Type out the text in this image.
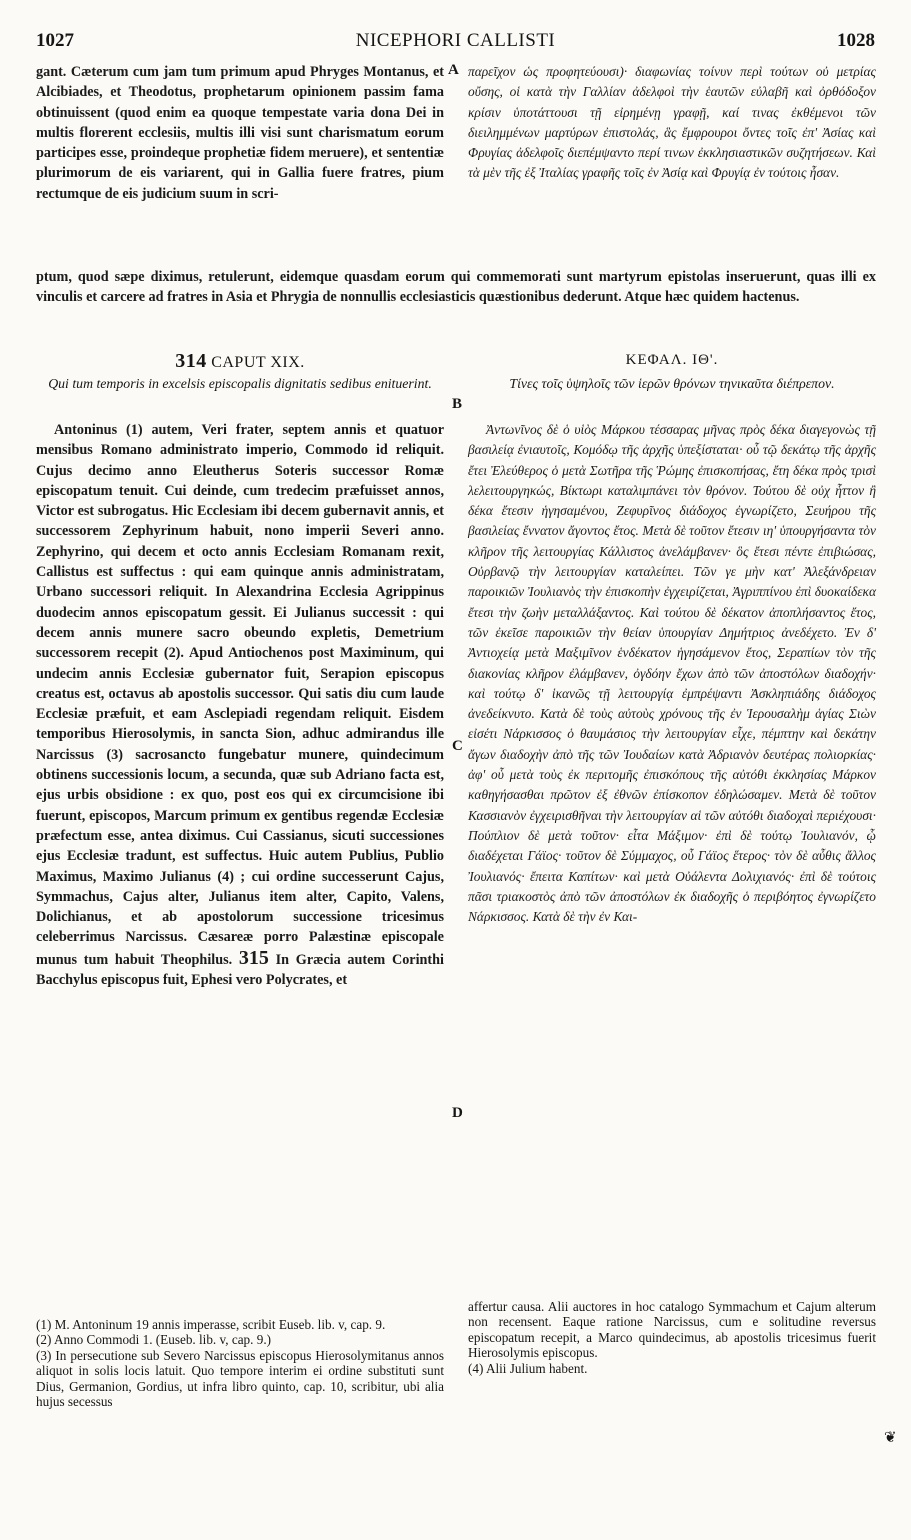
1027	NICEPHORI CALLISTI	1028

gant. Cæterum cum jam tum primum apud Phryges Montanus, et Alcibiades, et Theodotus, prophetarum opinionem passim fama obtinuissent (quod enim ea quoque tempestate varia dona Dei in multis florerent ecclesiis, multis illi visi sunt charismatum eorum participes esse, proindeque prophetiæ fidem meruere), et sententiæ plurimorum de eis variarent, qui in Gallia fuere fratres, pium rectumque de eis judicium suum in scri-

A παρεῖχον ὡς προφητεύουσι)· διαφωνίας τοίνυν περὶ τούτων οὐ μετρίας οὔσης, οἱ κατὰ τὴν Γαλλίαν ἀδελφοὶ τὴν ἑαυτῶν εὐλαβῆ καὶ ὀρθόδοξον κρίσιν ὑποτάττουσι τῇ εἰρημένῃ γραφῇ, καί τινας ἐκθέμενοι τῶν διειλημμένων μαρτύρων ἐπιστολάς, ἃς ἔμφρουροι ὄντες τοῖς ἐπ' Ἀσίας καὶ Φρυγίας ἀδελφοῖς διεπέμψαντο περί τινων ἐκκλησιαστικῶν συζητήσεων. Καὶ τὰ μὲν τῆς ἐξ Ἰταλίας γραφῆς τοῖς ἐν Ἀσίᾳ καὶ Φρυγίᾳ ἐν τούτοις ἦσαν.

ptum, quod sæpe diximus, retulerunt, eidemque quasdam eorum qui commemorati sunt martyrum epistolas inseruerunt, quas illi ex vinculis et carcere ad fratres in Asia et Phrygia de nonnullis ecclesiasticis quæstionibus dederunt. Atque hæc quidem hactenus.

314 CAPUT XIX.	ΚΕΦΑΛ. ΙΘ'.
Qui tum temporis in excelsis episcopalis dignitatis sedibus enituerint.
B
Τίνες τοῖς ὑψηλοῖς τῶν ἱερῶν θρόνων τηνικαῦτα διέπρεπον.

Antoninus (1) autem, Veri frater, septem annis et quatuor mensibus Romano administrato imperio, Commodo id reliquit. Cujus decimo anno Eleutherus Soteris successor Romæ episcopatum tenuit. Cui deinde, cum tredecim præfuisset annos, Victor est subrogatus. Hic Ecclesiam ibi decem gubernavit annis, et successorem Zephyrinum habuit, nono imperii Severi anno. Zephyrino, qui decem et octo annis Ecclesiam Romanam rexit, Callistus est suffectus : qui eam quinque annis administratam, Urbano successori reliquit. In Alexandrina Ecclesia Agrippinus duodecim annos episcopatum gessit. Ei Julianus successit : qui decem annis munere sacro obeundo expletis, Demetrium successorem recepit (2). Apud Antiochenos post Maximinum, qui undecim annis Ecclesiæ gubernator fuit, Serapion episcopus creatus est, octavus ab apostolis successor. Qui satis diu cum laude Ecclesiæ præfuit, et eam Asclepiadi regendam reliquit. Eisdem temporibus Hierosolymis, in sancta Sion, adhuc admirandus ille Narcissus (3) sacrosancto fungebatur munere, quindecimum obtinens successionis locum, a secunda, quæ sub Adriano facta est, ejus urbis obsidione : ex quo, post eos qui ex circumcisione ibi fuerunt, episcopos, Marcum primum ex gentibus regendæ Ecclesiæ præfectum esse, antea diximus. Cui Cassianus, sicuti successiones ejus Ecclesiæ tradunt, est suffectus. Huic autem Publius, Publio Maximus, Maximo Julianus (4) ; cui ordine successerunt Cajus, Symmachus, Cajus alter, Julianus item alter, Capito, Valens, Dolichianus, et ab apostolorum successione tricesimus celeberrimus Narcissus. Cæsareæ porro Palæstinæ episcopale munus tum habuit Theophilus. 315 In Græcia autem Corinthi Bacchylus episcopus fuit, Ephesi vero Polycrates, et

C
D

Ἀντωνῖνος δὲ ὁ υἱὸς Μάρκου τέσσαρας μῆνας πρὸς δέκα διαγεγονὼς τῇ βασιλείᾳ ἐνιαυτοῖς, Κομόδῳ τῆς ἀρχῆς ὑπεξίσταται· οὗ τῷ δεκάτῳ τῆς ἀρχῆς ἔτει Ἐλεύθερος ὁ μετὰ Σωτῆρα τῆς Ῥώμης ἐπισκοπήσας, ἔτη δέκα πρὸς τρισὶ λελειτουργηκώς, Βίκτωρι καταλιμπάνει τὸν θρόνον. Τούτου δὲ οὐχ ἧττον ἢ δέκα ἔτεσιν ἡγησαμένου, Ζεφυρῖνος διάδοχος ἐγνωρίζετο, Σευήρου τῆς βασιλείας ἔννατον ἄγοντος ἔτος. Μετὰ δὲ τοῦτον ἔτεσιν ιη' ὑπουργήσαντα τὸν κλῆρον τῆς λειτουργίας Κάλλιστος ἀνελάμβανεν· ὃς ἔτεσι πέντε ἐπιβιώσας, Οὐρβανῷ τὴν λειτουργίαν καταλείπει. Τῶν γε μὴν κατ' Ἀλεξάνδρειαν παροικιῶν Ἰουλιανὸς τὴν ἐπισκοπὴν ἐγχειρίζεται, Ἀγριππίνου ἐπὶ δυοκαίδεκα ἔτεσι τὴν ζωὴν μεταλλάξαντος. Καὶ τούτου δὲ δέκατον ἀποπλήσαντος ἔτος, τῶν ἐκεῖσε παροικιῶν τὴν θείαν ὑπουργίαν Δημήτριος ἀνεδέχετο. Ἐν δ' Ἀντιοχείᾳ μετὰ Μαξιμῖνον ἑνδέκατον ἡγησάμενον ἔτος, Σεραπίων τὸν τῆς διακονίας κλῆρον ἐλάμβανεν, ὀγδόην ἔχων ἀπὸ τῶν ἀποστόλων διαδοχήν· καὶ τούτῳ δ' ἱκανῶς τῇ λειτουργίᾳ ἐμπρέψαντι Ἀσκληπιάδης διάδοχος ἀνεδείκνυτο. Κατὰ δὲ τοὺς αὐτοὺς χρόνους τῆς ἐν Ἱερουσαλὴμ ἁγίας Σιὼν εἰσέτι Νάρκισσος ὁ θαυμάσιος τὴν λειτουργίαν εἶχε, πέμπτην καὶ δεκάτην ἄγων διαδοχὴν ἀπὸ τῆς τῶν Ἰουδαίων κατὰ Ἀδριανὸν δευτέρας πολιορκίας· ἀφ' οὗ μετὰ τοὺς ἐκ περιτομῆς ἐπισκόπους τῆς αὐτόθι ἐκκλησίας Μάρκον καθηγήσασθαι πρῶτον ἐξ ἐθνῶν ἐπίσκοπον ἐδηλώσαμεν. Μετὰ δὲ τοῦτον Κασσιανὸν ἐγχειρισθῆναι τὴν λειτουργίαν αἱ τῶν αὐτόθι διαδοχαὶ περιέχουσι· Πούπλιον δὲ μετὰ τοῦτον· εἶτα Μάξιμον· ἐπὶ δὲ τούτῳ Ἰουλιανόν, ᾧ διαδέχεται Γάϊος· τοῦτον δὲ Σύμμαχος, οὗ Γάϊος ἕτερος· τὸν δὲ αὖθις ἄλλος Ἰουλιανός· ἔπειτα Καπίτων· καὶ μετὰ Οὐάλεντα Δολιχιανός· ἐπὶ δὲ τούτοις πᾶσι τριακοστὸς ἀπὸ τῶν ἀποστόλων ἐκ διαδοχῆς ὁ περιβόητος ἐγνωρίζετο Νάρκισσος. Κατὰ δὲ τὴν ἐν Και-

(1) M. Antoninum 19 annis imperasse, scribit Euseb. lib. v, cap. 9.

(2) Anno Commodi 1. (Euseb. lib. v, cap. 9.)

(3) In persecutione sub Severo Narcissus episcopus Hierosolymitanus annos aliquot in solis locis latuit. Quo tempore interim ei ordine substituti sunt Dius, Germanion, Gordius, ut infra libro quinto, cap. 10, scribitur, ubi alia hujus secessus

affertur causa. Alii auctores in hoc catalogo Symmachum et Cajum alterum non recensent. Eaque ratione Narcissus, cum e solitudine reversus episcopatum recepit, a Marco quindecimus, ab apostolis tricesimus fuerit Hierosolymis episcopus.

(4) Alii Julium habent.

❦
